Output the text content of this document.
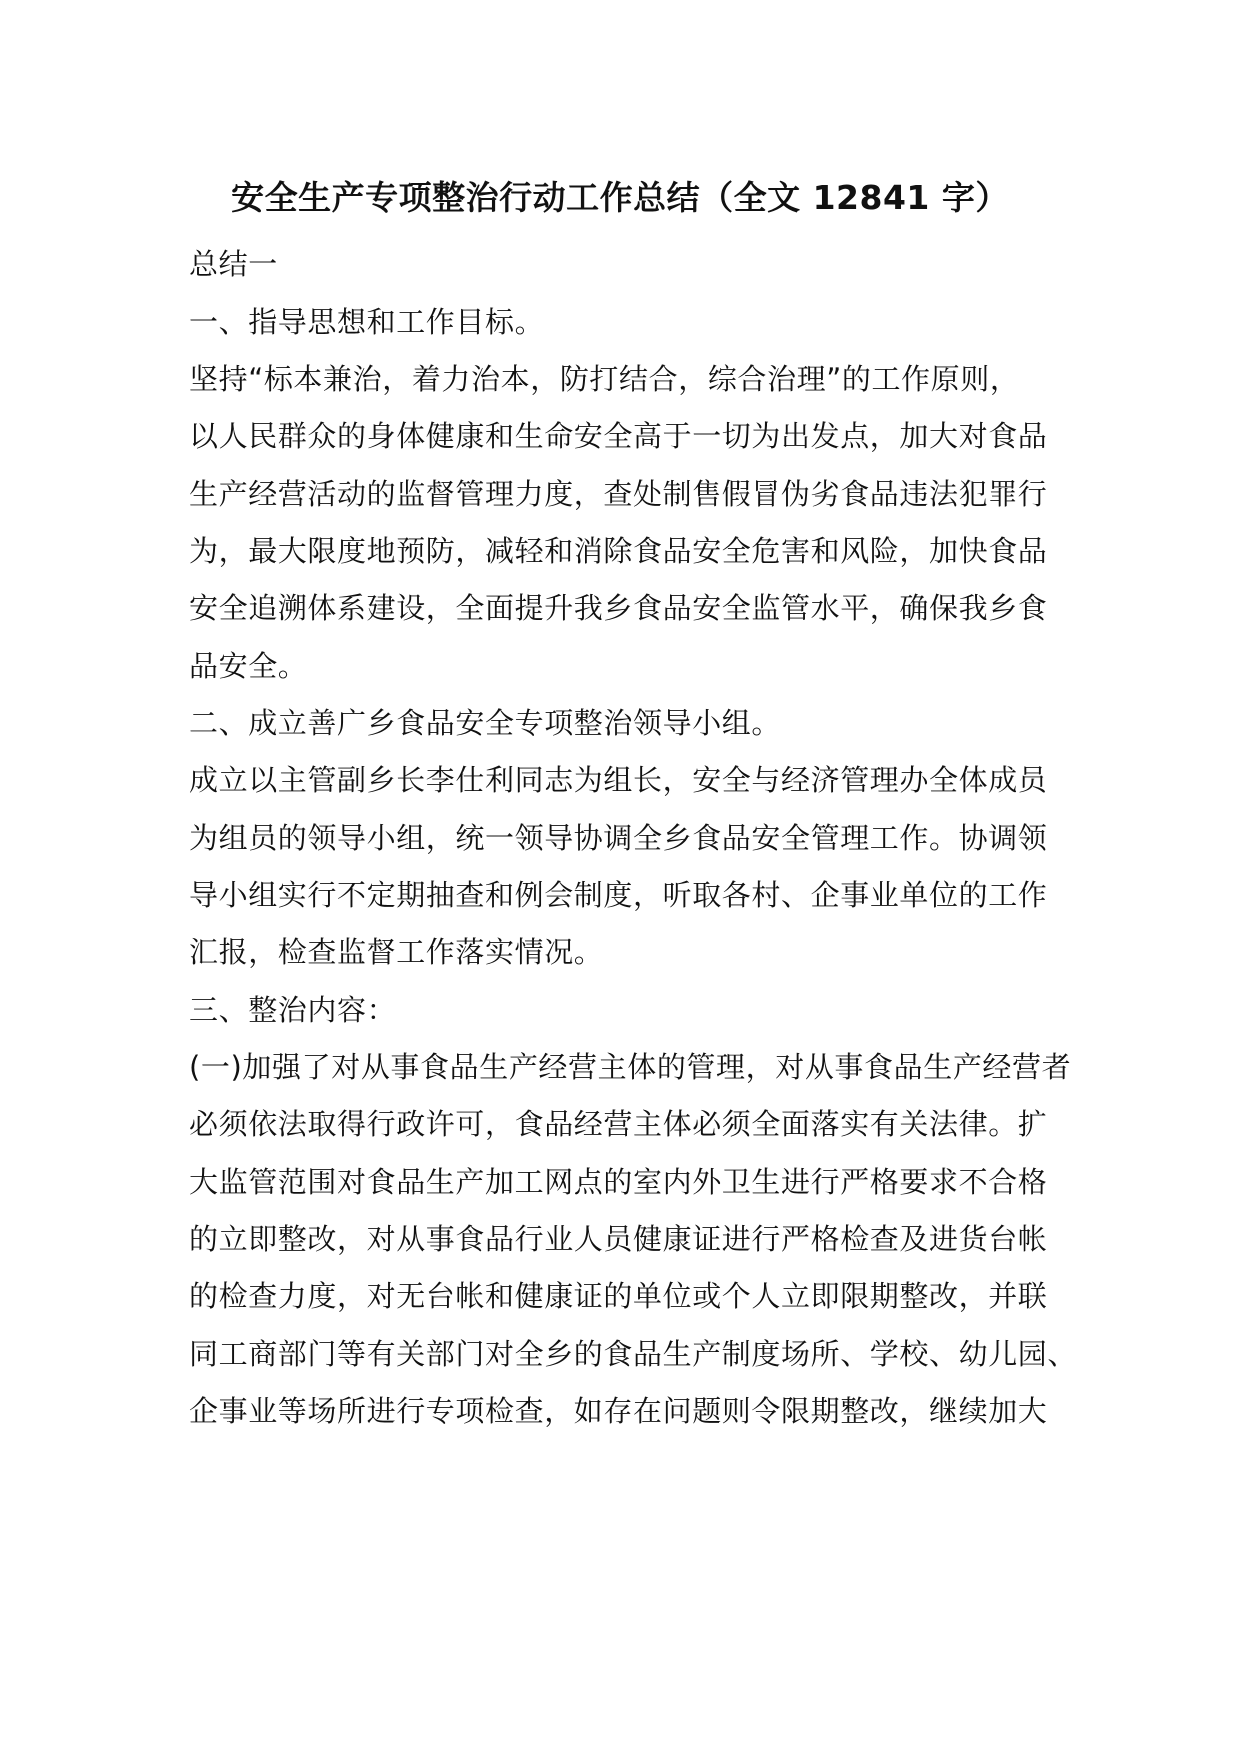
安全生产专项整治行动工作总结（全文 12841 字）
总结一
一、指导思想和工作目标。
坚持“标本兼治，着力治本，防打结合，综合治理”的工作原则，
以人民群众的身体健康和生命安全高于一切为出发点，加大对食品
生产经营活动的监督管理力度，查处制售假冒伪劣食品违法犯罪行
为，最大限度地预防，减轻和消除食品安全危害和风险，加快食品
安全追溯体系建设，全面提升我乡食品安全监管水平，确保我乡食
品安全。
二、成立善广乡食品安全专项整治领导小组。
成立以主管副乡长李仕利同志为组长，安全与经济管理办全体成员
为组员的领导小组，统一领导协调全乡食品安全管理工作。协调领
导小组实行不定期抽查和例会制度，听取各村、企事业单位的工作
汇报，检查监督工作落实情况。
三、整治内容：
(一)加强了对从事食品生产经营主体的管理，对从事食品生产经营者
必须依法取得行政许可，食品经营主体必须全面落实有关法律。扩
大监管范围对食品生产加工网点的室内外卫生进行严格要求不合格
的立即整改，对从事食品行业人员健康证进行严格检查及进货台帐
的检查力度，对无台帐和健康证的单位或个人立即限期整改，并联
同工商部门等有关部门对全乡的食品生产制度场所、学校、幼儿园、
企事业等场所进行专项检查，如存在问题则令限期整改，继续加大
